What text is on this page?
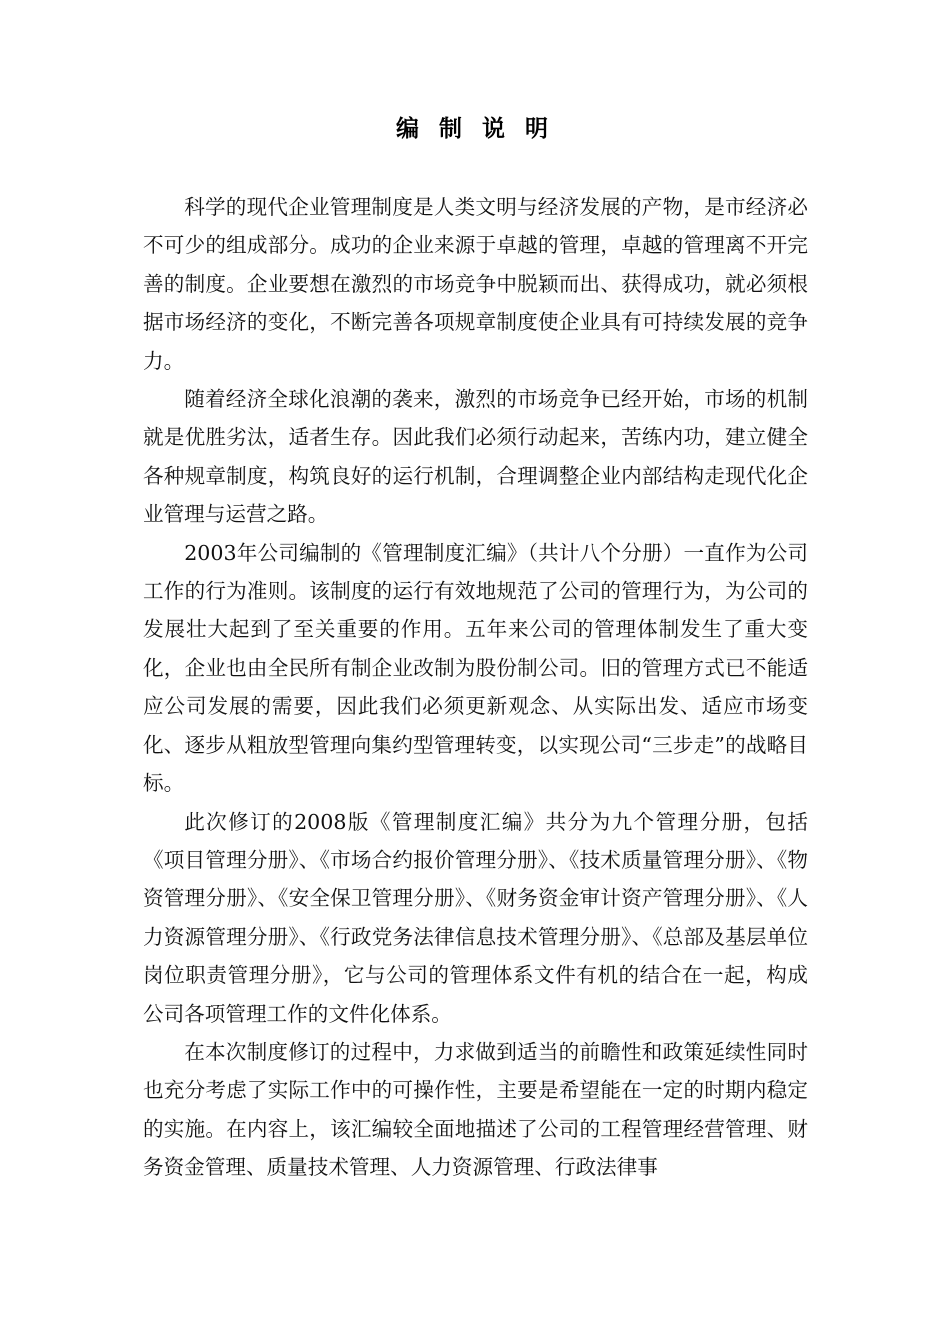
编 制 说 明

科学的现代企业管理制度是人类文明与经济发展的产物，是市经济必不可少的组成部分。成功的企业来源于卓越的管理，卓越的管理离不开完善的制度。企业要想在激烈的市场竞争中脱颖而出、获得成功，就必须根据市场经济的变化，不断完善各项规章制度使企业具有可持续发展的竞争力。

随着经济全球化浪潮的袭来，激烈的市场竞争已经开始，市场的机制就是优胜劣汰，适者生存。因此我们必须行动起来，苦练内功，建立健全各种规章制度，构筑良好的运行机制，合理调整企业内部结构走现代化企业管理与运营之路。

2003年公司编制的《管理制度汇编》（共计八个分册）一直作为公司工作的行为准则。该制度的运行有效地规范了公司的管理行为，为公司的发展壮大起到了至关重要的作用。五年来公司的管理体制发生了重大变化，企业也由全民所有制企业改制为股份制公司。旧的管理方式已不能适应公司发展的需要，因此我们必须更新观念、从实际出发、适应市场变化、逐步从粗放型管理向集约型管理转变，以实现公司“三步走”的战略目标。

此次修订的2008版《管理制度汇编》共分为九个管理分册，包括《项目管理分册》、《市场合约报价管理分册》、《技术质量管理分册》、《物资管理分册》、《安全保卫管理分册》、《财务资金审计资产管理分册》、《人力资源管理分册》、《行政党务法律信息技术管理分册》、《总部及基层单位岗位职责管理分册》，它与公司的管理体系文件有机的结合在一起，构成公司各项管理工作的文件化体系。

在本次制度修订的过程中，力求做到适当的前瞻性和政策延续性同时也充分考虑了实际工作中的可操作性，主要是希望能在一定的时期内稳定的实施。在内容上，该汇编较全面地描述了公司的工程管理经营管理、财务资金管理、质量技术管理、人力资源管理、行政法律事
